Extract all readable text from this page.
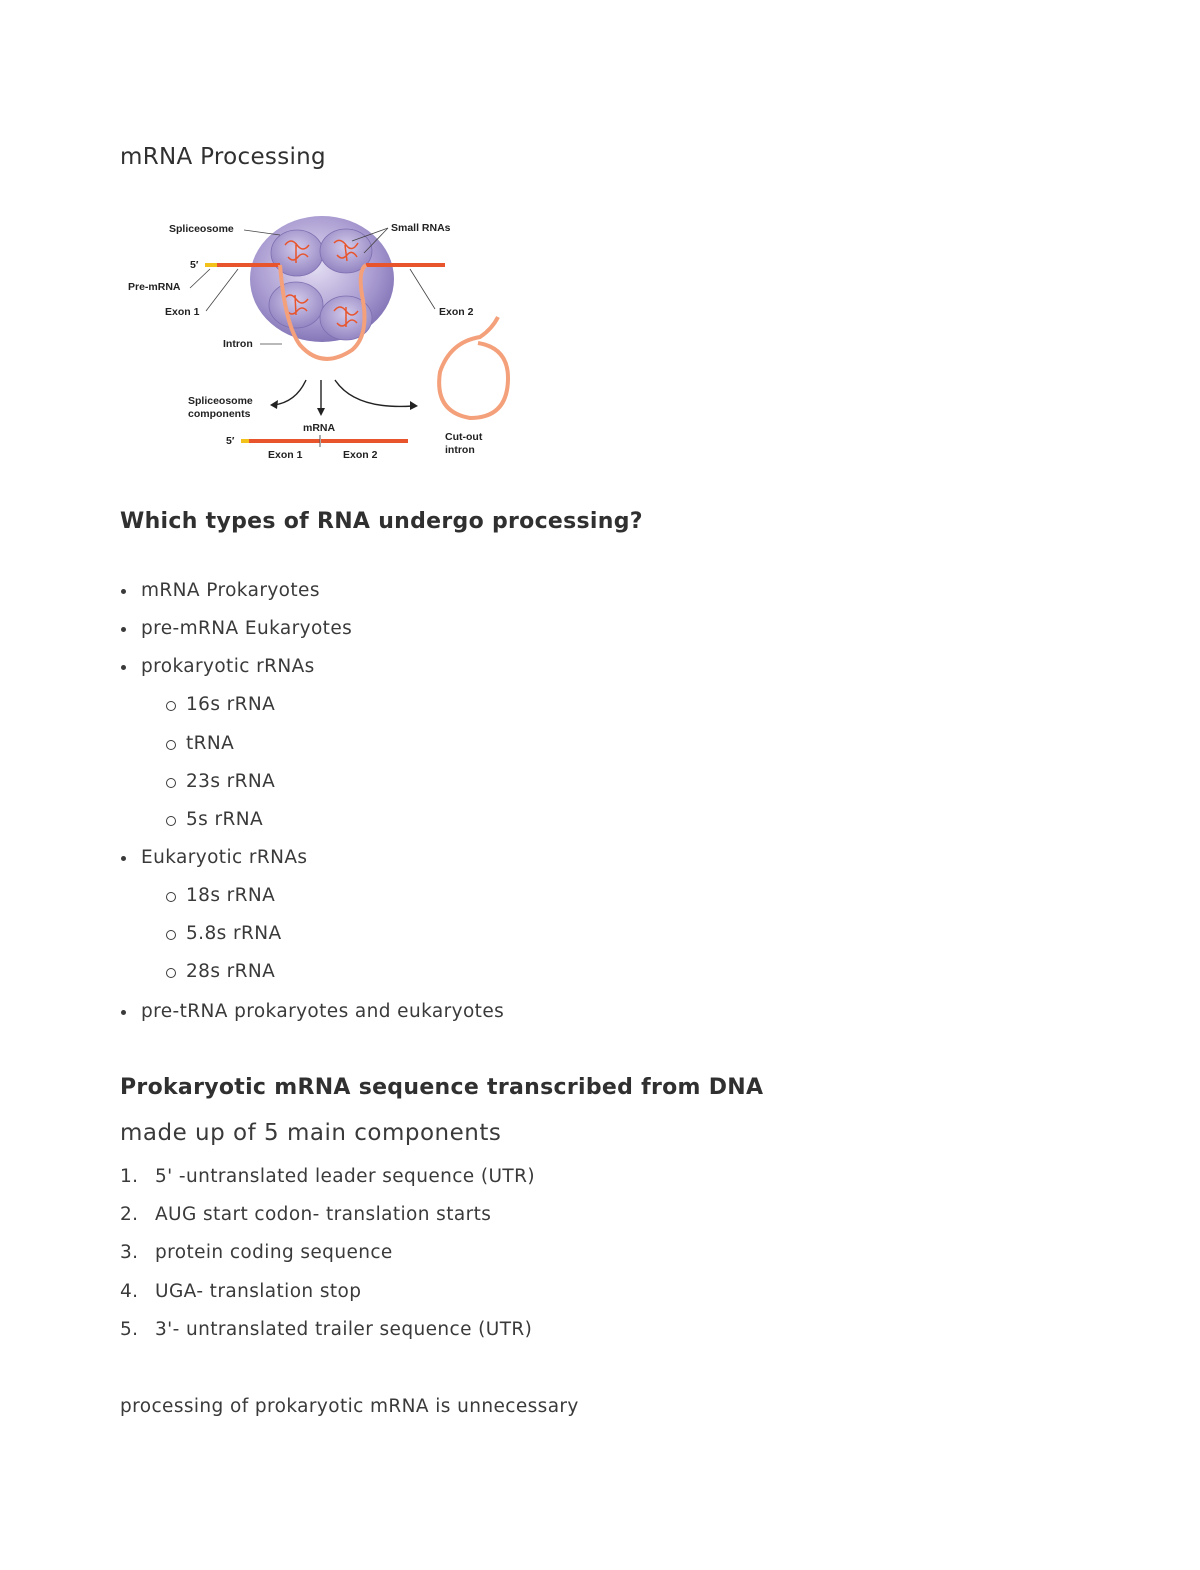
mRNA Processing
Spliceosome	Small RNAs
5′
Pre-mRNA
Exon 1	Exon 2
Intron
Spliceosome
components
mRNA
5′
Exon 1	Exon 2
Cut-out
intron
Which types of RNA undergo processing?
mRNA Prokaryotes
pre-mRNA Eukaryotes
prokaryotic rRNAs
16s rRNA
tRNA
23s rRNA
5s rRNA
Eukaryotic rRNAs
18s rRNA
5.8s rRNA
28s rRNA
pre-tRNA prokaryotes and eukaryotes
Prokaryotic mRNA sequence transcribed from DNA
made up of 5 main components
1. 5' -untranslated leader sequence (UTR)
2. AUG start codon- translation starts
3. protein coding sequence
4. UGA- translation stop
5. 3'- untranslated trailer sequence (UTR)

processing of prokaryotic mRNA is unnecessary
